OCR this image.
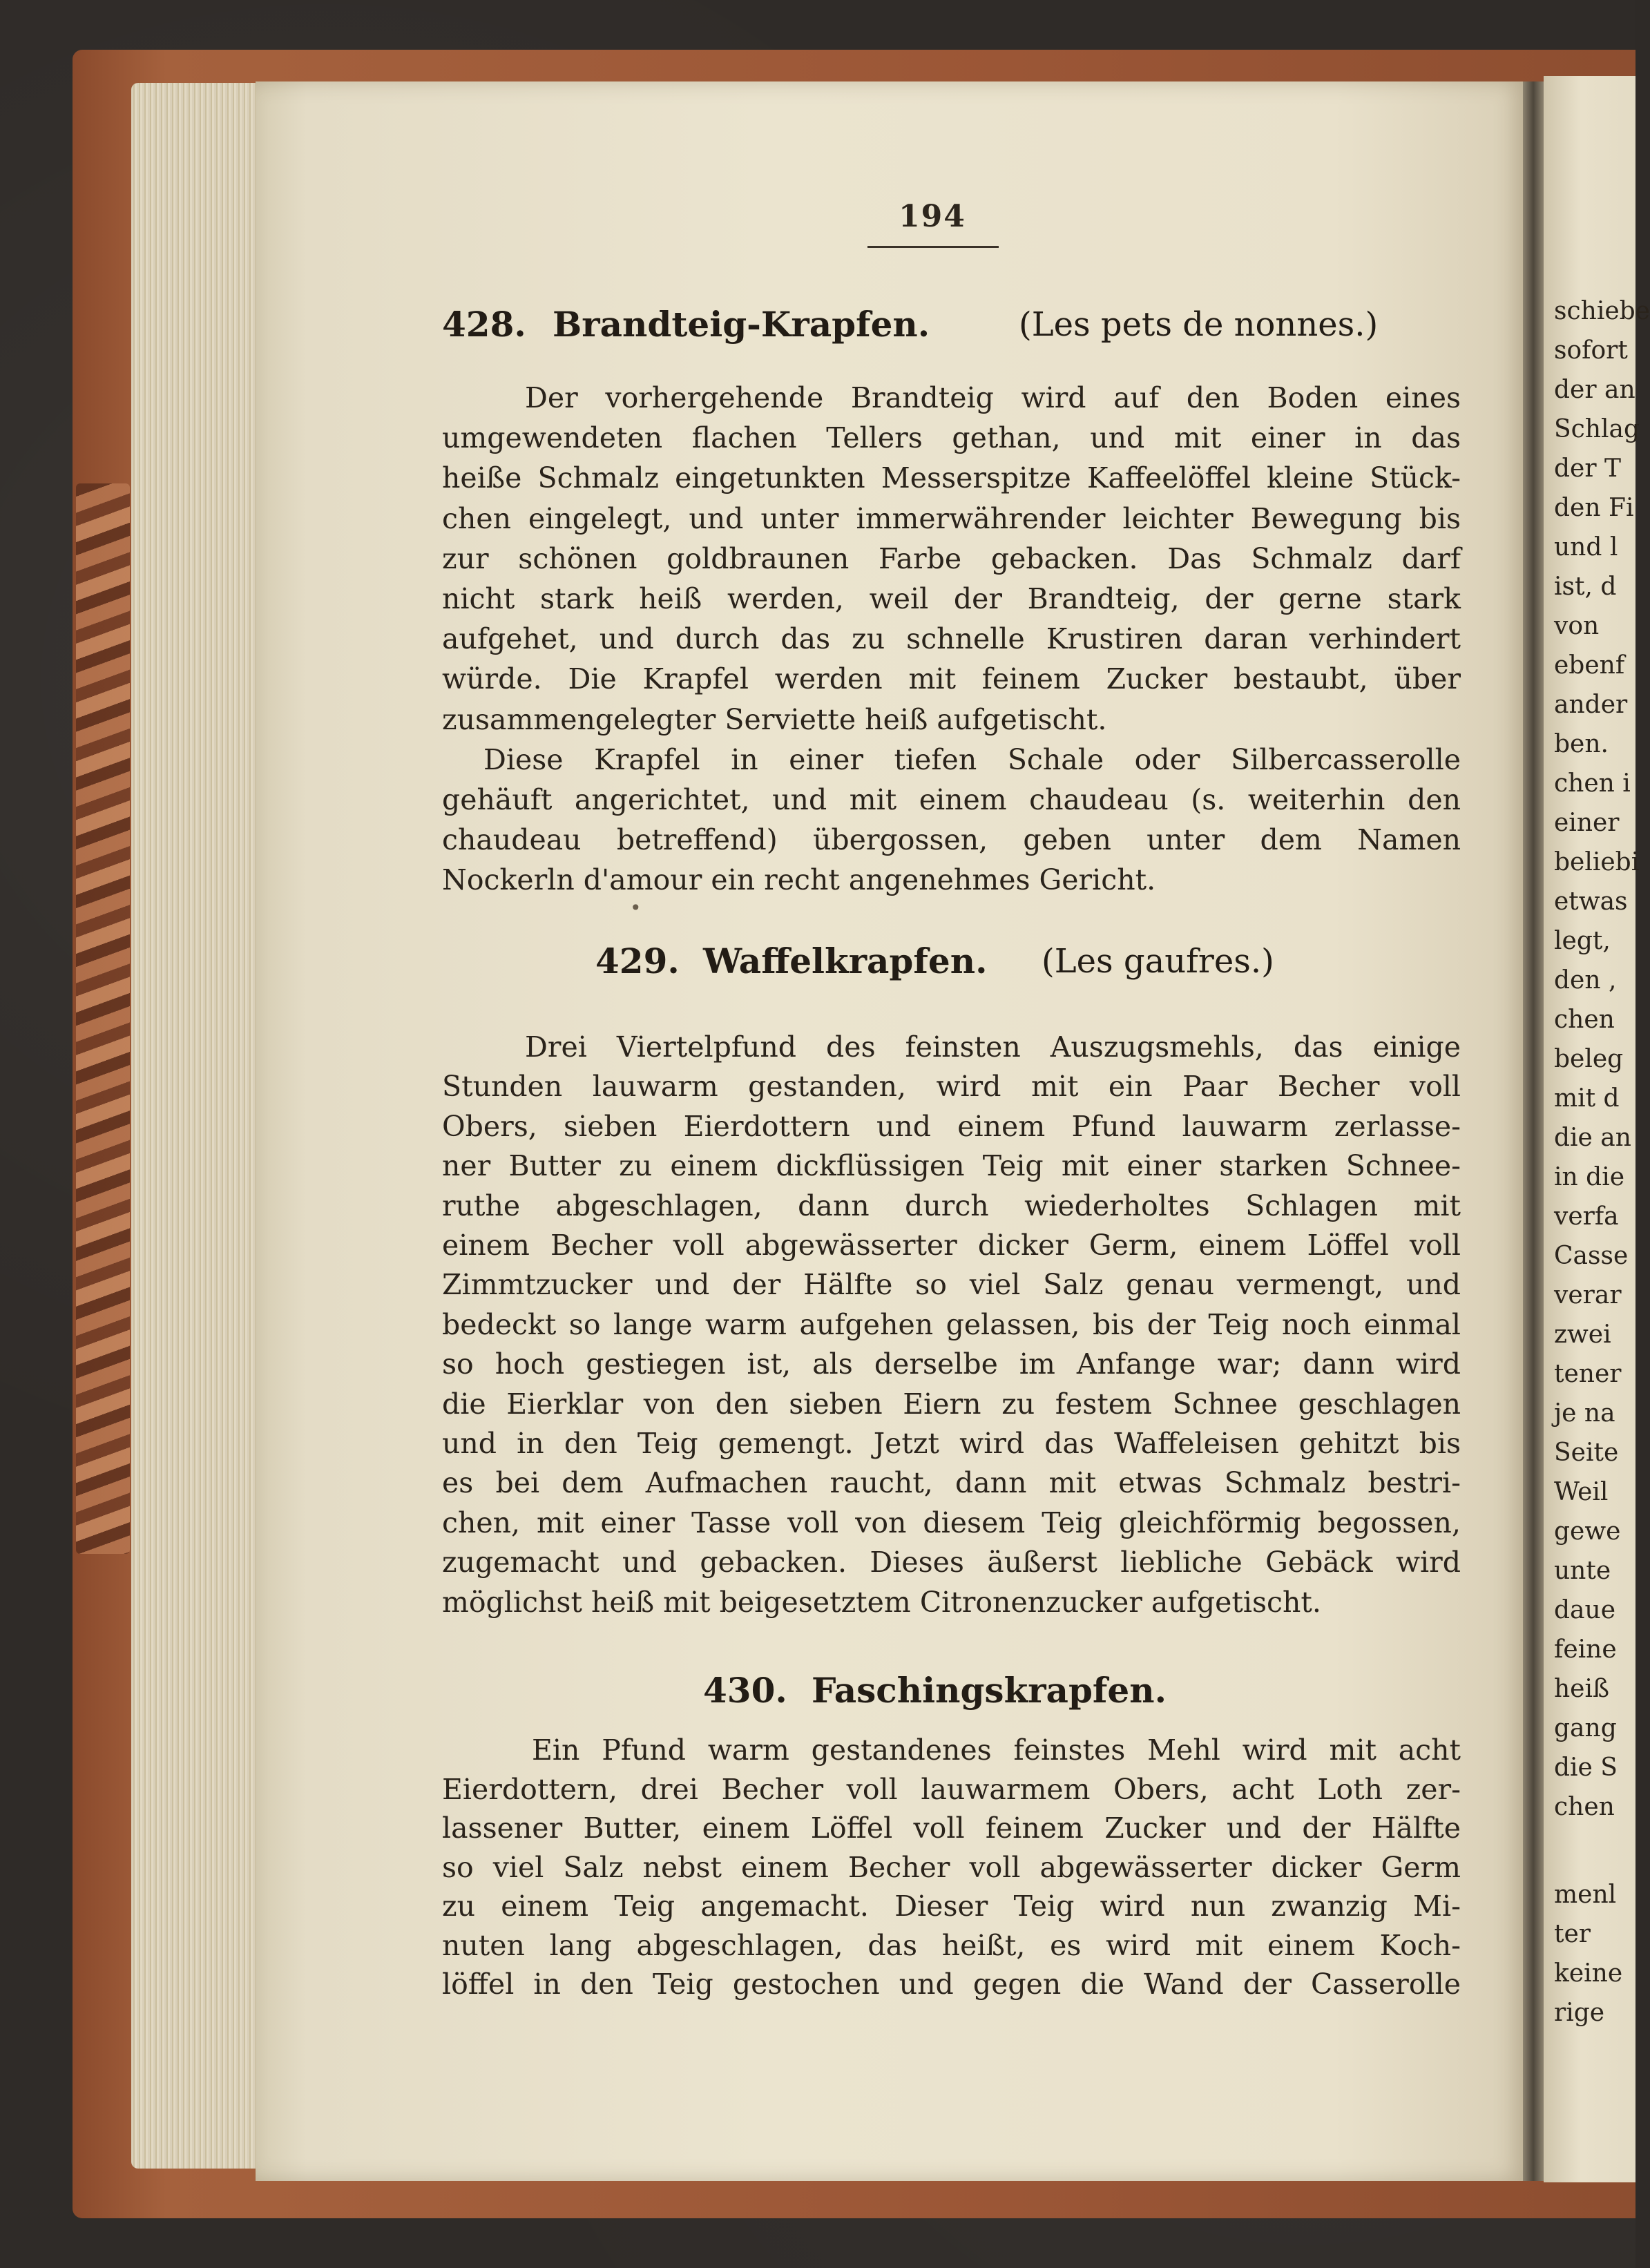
194
428. Brandteig-Krapfen.	(Les pets de nonnes.)
Der vorhergehende Brandteig wird auf den Boden eines
umgewendeten flachen Tellers gethan, und mit einer in das
heiße Schmalz eingetunkten Messerspitze Kaffeelöffel kleine Stück-
chen eingelegt, und unter immerwährender leichter Bewegung bis
zur schönen goldbraunen Farbe gebacken. Das Schmalz darf
nicht stark heiß werden, weil der Brandteig, der gerne stark
aufgehet, und durch das zu schnelle Krustiren daran verhindert
würde. Die Krapfel werden mit feinem Zucker bestaubt, über
zusammengelegter Serviette heiß aufgetischt.
Diese Krapfel in einer tiefen Schale oder Silbercasserolle
gehäuft angerichtet, und mit einem chaudeau (s. weiterhin den
chaudeau betreffend) übergossen, geben unter dem Namen
Nockerln d'amour ein recht angenehmes Gericht.
•
429. Waffelkrapfen. (Les gaufres.)
Drei Viertelpfund des feinsten Auszugsmehls, das einige
Stunden lauwarm gestanden, wird mit ein Paar Becher voll
Obers, sieben Eierdottern und einem Pfund lauwarm zerlasse-
ner Butter zu einem dickflüssigen Teig mit einer starken Schnee-
ruthe abgeschlagen, dann durch wiederholtes Schlagen mit
einem Becher voll abgewässerter dicker Germ, einem Löffel voll
Zimmtzucker und der Hälfte so viel Salz genau vermengt, und
bedeckt so lange warm aufgehen gelassen, bis der Teig noch einmal
so hoch gestiegen ist, als derselbe im Anfange war; dann wird
die Eierklar von den sieben Eiern zu festem Schnee geschlagen
und in den Teig gemengt. Jetzt wird das Waffeleisen gehitzt bis
es bei dem Aufmachen raucht, dann mit etwas Schmalz bestri-
chen, mit einer Tasse voll von diesem Teig gleichförmig begossen,
zugemacht und gebacken. Dieses äußerst liebliche Gebäck wird
möglichst heiß mit beigesetztem Citronenzucker aufgetischt.
430. Faschingskrapfen.
Ein Pfund warm gestandenes feinstes Mehl wird mit acht
Eierdottern, drei Becher voll lauwarmem Obers, acht Loth zer-
lassener Butter, einem Löffel voll feinem Zucker und der Hälfte
so viel Salz nebst einem Becher voll abgewässerter dicker Germ
zu einem Teig angemacht. Dieser Teig wird nun zwanzig Mi-
nuten lang abgeschlagen, das heißt, es wird mit einem Koch-
löffel in den Teig gestochen und gegen die Wand der Casserolle
schiebe
sofort
der an
Schlag
der T
den Fi
und l
ist, d
von
ebenf
ander
ben.
chen i
einer
beliebi
etwas
legt,
den ,
chen
beleg
mit d
die an
in die
verfa
Casse
verar
zwei
tener
je na
Seite
Weil
gewe
unte
daue
feine
heiß
gang
die S
chen
menl
ter
keine
rige
